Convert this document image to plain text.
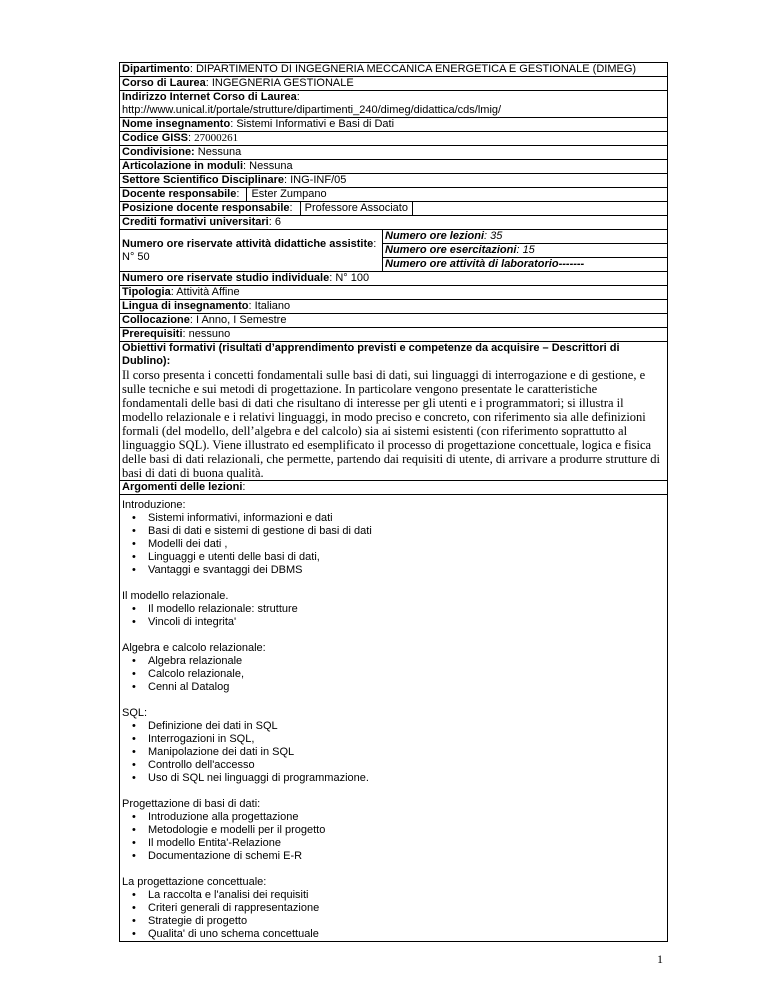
Dipartimento: DIPARTIMENTO DI INGEGNERIA MECCANICA ENERGETICA E GESTIONALE (DIMEG)
Corso di Laurea: INGEGNERIA GESTIONALE
Indirizzo Internet Corso di Laurea: http://www.unical.it/portale/strutture/dipartimenti_240/dimeg/didattica/cds/lmig/
Nome insegnamento: Sistemi Informativi e Basi di Dati
Codice GISS: 27000261
Condivisione: Nessuna
Articolazione in moduli: Nessuna
Settore Scientifico Disciplinare: ING-INF/05
Docente responsabile: Ester Zumpano
Posizione docente responsabile: Professore Associato
Crediti formativi universitari: 6
Numero ore riservate attività didattiche assistite: N° 50
Numero ore lezioni: 35
Numero ore esercitazioni: 15
Numero ore attività di laboratorio-------
Numero ore riservate studio individuale: N° 100
Tipologia: Attività Affine
Lingua di insegnamento: Italiano
Collocazione: I Anno, I Semestre
Prerequisiti: nessuno
Obiettivi formativi (risultati d’apprendimento previsti e competenze da acquisire – Descrittori di Dublino):
Il corso presenta i concetti fondamentali sulle basi di dati, sui linguaggi di interrogazione e di gestione, e sulle tecniche e sui metodi di progettazione. In particolare vengono presentate le caratteristiche fondamentali delle basi di dati che risultano di interesse per gli utenti e i programmatori; si illustra il modello relazionale e i relativi linguaggi, in modo preciso e concreto, con riferimento sia alle definizioni formali (del modello, dell’algebra e del calcolo) sia ai sistemi esistenti (con riferimento soprattutto al linguaggio SQL). Viene illustrato ed esemplificato il processo di progettazione concettuale, logica e fisica delle basi di dati relazionali, che permette, partendo dai requisiti di utente, di arrivare a produrre strutture di basi di dati di buona qualità.
Argomenti delle lezioni:
Introduzione:
• Sistemi informativi, informazioni e dati
• Basi di dati e sistemi di gestione di basi di dati
• Modelli dei dati ,
• Linguaggi e utenti delle basi di dati,
• Vantaggi e svantaggi dei DBMS
Il modello relazionale.
• Il modello relazionale: strutture
• Vincoli di integrita'
Algebra e calcolo relazionale:
• Algebra relazionale
• Calcolo relazionale,
• Cenni al Datalog
SQL:
• Definizione dei dati in SQL
• Interrogazioni in SQL,
• Manipolazione dei dati in SQL
• Controllo dell'accesso
• Uso di SQL nei linguaggi di programmazione.
Progettazione di basi di dati:
• Introduzione alla progettazione
• Metodologie e modelli per il progetto
• Il modello Entita'-Relazione
• Documentazione di schemi E-R
La progettazione concettuale:
• La raccolta e l'analisi dei requisiti
• Criteri generali di rappresentazione
• Strategie di progetto
• Qualita' di uno schema concettuale
1
